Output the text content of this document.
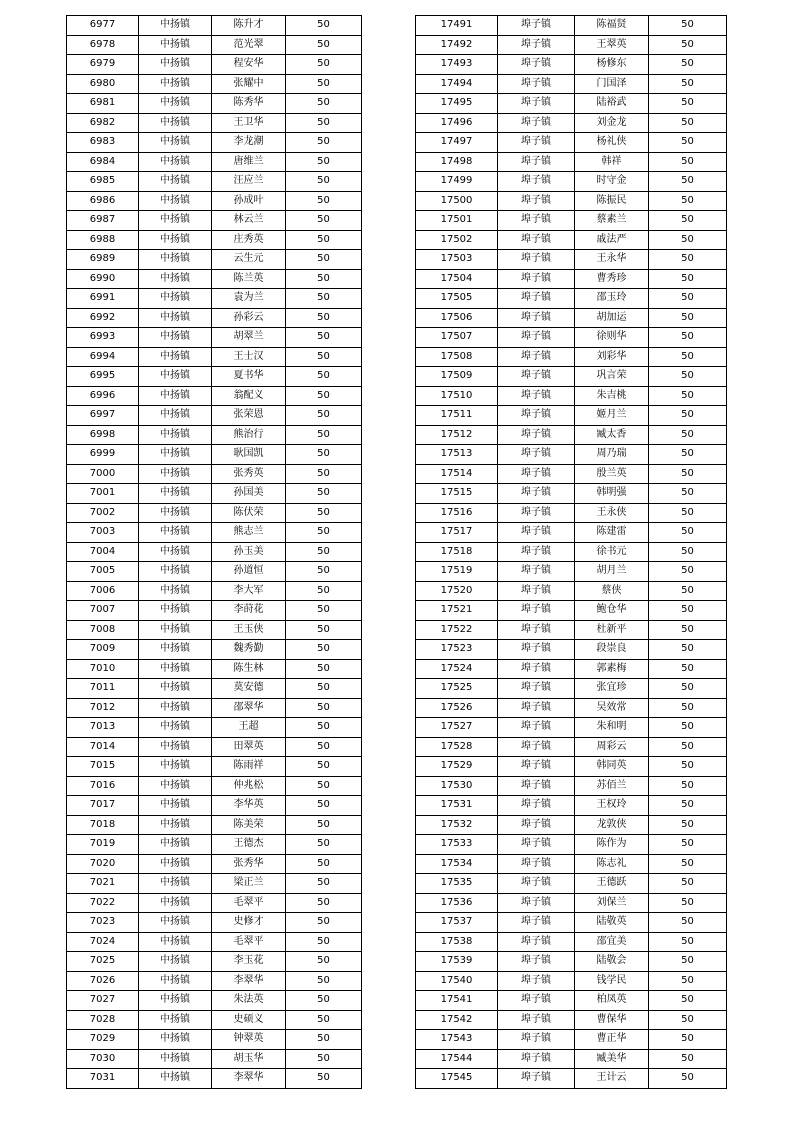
6977	中扬镇	陈升才	50
6978	中扬镇	范光翠	50
6979	中扬镇	程安华	50
6980	中扬镇	张耀中	50
6981	中扬镇	陈秀华	50
6982	中扬镇	王卫华	50
6983	中扬镇	李龙潮	50
6984	中扬镇	唐维兰	50
6985	中扬镇	汪应兰	50
6986	中扬镇	孙成叶	50
6987	中扬镇	林云兰	50
6988	中扬镇	庄秀英	50
6989	中扬镇	云生元	50
6990	中扬镇	陈兰英	50
6991	中扬镇	袁为兰	50
6992	中扬镇	孙彩云	50
6993	中扬镇	胡翠兰	50
6994	中扬镇	王士汉	50
6995	中扬镇	夏书华	50
6996	中扬镇	翁配义	50
6997	中扬镇	张荣恩	50
6998	中扬镇	熊治行	50
6999	中扬镇	耿国凯	50
7000	中扬镇	张秀英	50
7001	中扬镇	孙国美	50
7002	中扬镇	陈伏荣	50
7003	中扬镇	熊志兰	50
7004	中扬镇	孙玉美	50
7005	中扬镇	孙道恒	50
7006	中扬镇	李大军	50
7007	中扬镇	李莳花	50
7008	中扬镇	王玉侠	50
7009	中扬镇	魏秀勤	50
7010	中扬镇	陈生林	50
7011	中扬镇	莫安德	50
7012	中扬镇	邵翠华	50
7013	中扬镇	王超	50
7014	中扬镇	田翠英	50
7015	中扬镇	陈雨祥	50
7016	中扬镇	仲兆松	50
7017	中扬镇	李华英	50
7018	中扬镇	陈美荣	50
7019	中扬镇	王德杰	50
7020	中扬镇	张秀华	50
7021	中扬镇	梁正兰	50
7022	中扬镇	毛翠平	50
7023	中扬镇	史修才	50
7024	中扬镇	毛翠平	50
7025	中扬镇	李玉花	50
7026	中扬镇	李翠华	50
7027	中扬镇	朱法英	50
7028	中扬镇	史硕义	50
7029	中扬镇	钟翠英	50
7030	中扬镇	胡玉华	50
7031	中扬镇	李翠华	50
17491	埠子镇	陈福贤	50
17492	埠子镇	王翠英	50
17493	埠子镇	杨修东	50
17494	埠子镇	门国泽	50
17495	埠子镇	陆裕武	50
17496	埠子镇	刘金龙	50
17497	埠子镇	杨礼侠	50
17498	埠子镇	韩祥	50
17499	埠子镇	时守金	50
17500	埠子镇	陈振民	50
17501	埠子镇	蔡素兰	50
17502	埠子镇	戚法严	50
17503	埠子镇	王永华	50
17504	埠子镇	曹秀珍	50
17505	埠子镇	邵玉玲	50
17506	埠子镇	胡加运	50
17507	埠子镇	徐则华	50
17508	埠子镇	刘彩华	50
17509	埠子镇	巩言荣	50
17510	埠子镇	朱吉桃	50
17511	埠子镇	姬月兰	50
17512	埠子镇	臧太香	50
17513	埠子镇	周乃瑞	50
17514	埠子镇	殷兰英	50
17515	埠子镇	韩明强	50
17516	埠子镇	王永侠	50
17517	埠子镇	陈建雷	50
17518	埠子镇	徐书元	50
17519	埠子镇	胡月兰	50
17520	埠子镇	蔡侠	50
17521	埠子镇	鲍仓华	50
17522	埠子镇	杜新平	50
17523	埠子镇	段崇良	50
17524	埠子镇	郭素梅	50
17525	埠子镇	张宜珍	50
17526	埠子镇	吴效常	50
17527	埠子镇	朱和明	50
17528	埠子镇	周彩云	50
17529	埠子镇	韩同英	50
17530	埠子镇	苏佰兰	50
17531	埠子镇	王权玲	50
17532	埠子镇	龙敦侠	50
17533	埠子镇	陈作为	50
17534	埠子镇	陈志礼	50
17535	埠子镇	王德跃	50
17536	埠子镇	刘保兰	50
17537	埠子镇	陆敬英	50
17538	埠子镇	邵宜美	50
17539	埠子镇	陆敬会	50
17540	埠子镇	钱学民	50
17541	埠子镇	柏凤英	50
17542	埠子镇	曹保华	50
17543	埠子镇	曹正华	50
17544	埠子镇	臧美华	50
17545	埠子镇	王计云	50
